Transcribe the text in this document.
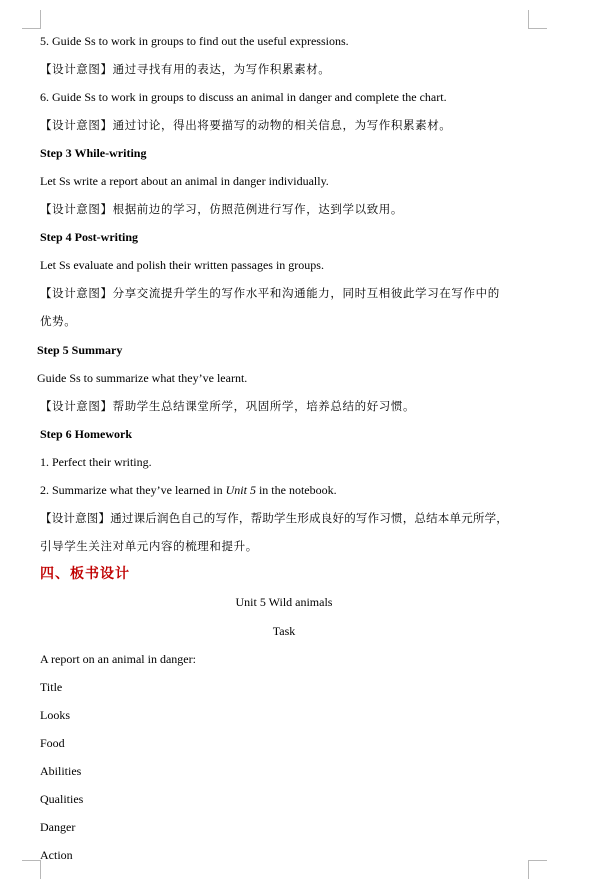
5. Guide Ss to work in groups to find out the useful expressions.
【设计意图】通过寻找有用的表达，为写作积累素材。
6. Guide Ss to work in groups to discuss an animal in danger and complete the chart.
【设计意图】通过讨论，得出将要描写的动物的相关信息，为写作积累素材。
Step 3 While-writing
Let Ss write a report about an animal in danger individually.
【设计意图】根据前边的学习，仿照范例进行写作，达到学以致用。
Step 4 Post-writing
Let Ss evaluate and polish their written passages in groups.
【设计意图】分享交流提升学生的写作水平和沟通能力，同时互相彼此学习在写作中的
优势。
Step 5 Summary
Guide Ss to summarize what they’ve learnt.
【设计意图】帮助学生总结课堂所学，巩固所学，培养总结的好习惯。
Step 6 Homework
1. Perfect their writing.
2. Summarize what they’ve learned in Unit 5 in the notebook.
【设计意图】通过课后润色自己的写作，帮助学生形成良好的写作习惯，总结本单元所学，
引导学生关注对单元内容的梳理和提升。
四、板书设计
Unit 5 Wild animals
Task
A report on an animal in danger:
Title
Looks
Food
Abilities
Qualities
Danger
Action
